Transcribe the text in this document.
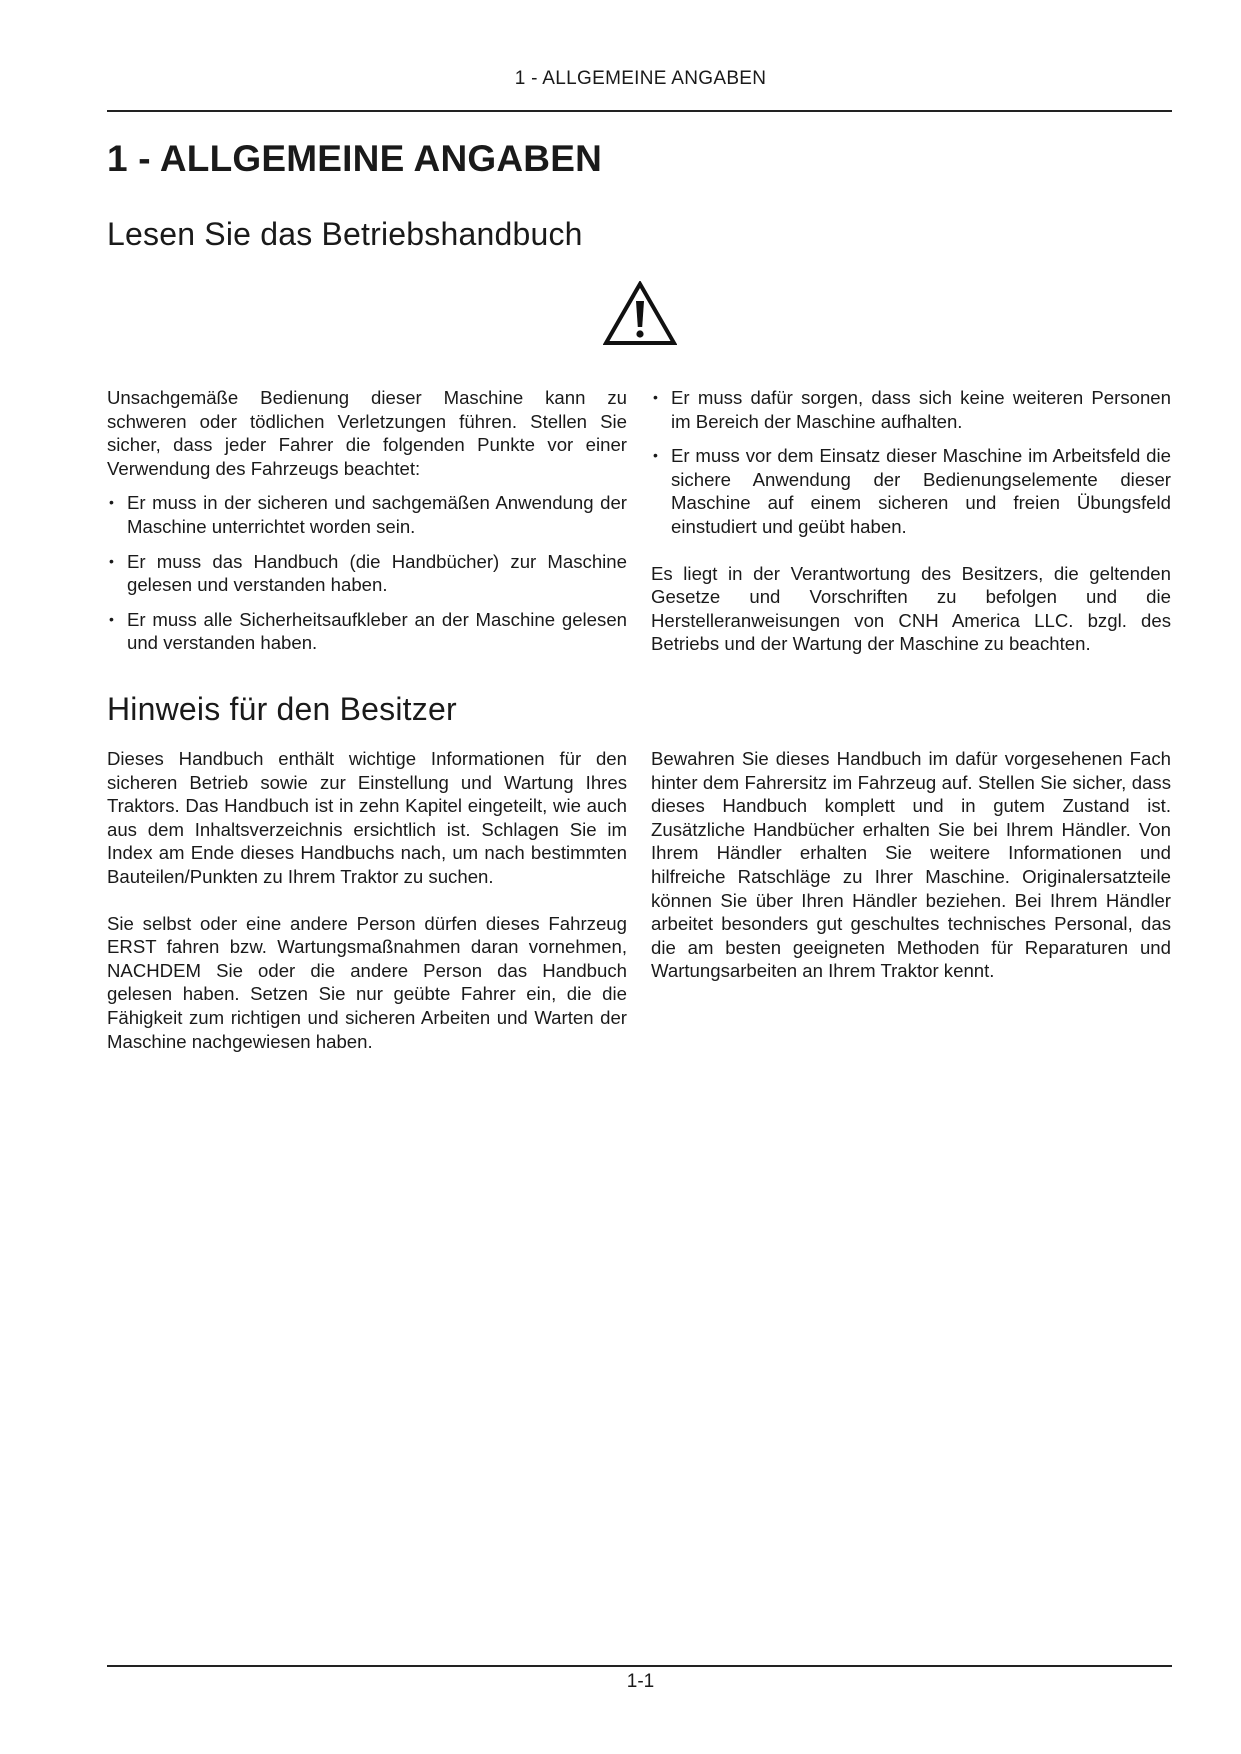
1 - ALLGEMEINE ANGABEN
1 - ALLGEMEINE ANGABEN
Lesen Sie das Betriebshandbuch

Unsachgemäße Bedienung dieser Maschine kann zu schweren oder tödlichen Verletzungen führen. Stellen Sie sicher, dass jeder Fahrer die folgenden Punkte vor einer Verwendung des Fahrzeugs beachtet:

• Er muss in der sicheren und sachgemäßen Anwendung der Maschine unterrichtet worden sein.
• Er muss das Handbuch (die Handbücher) zur Maschine gelesen und verstanden haben.
• Er muss alle Sicherheitsaufkleber an der Maschine gelesen und verstanden haben.
• Er muss dafür sorgen, dass sich keine weiteren Personen im Bereich der Maschine aufhalten.
• Er muss vor dem Einsatz dieser Maschine im Arbeitsfeld die sichere Anwendung der Bedienungselemente dieser Maschine auf einem sicheren und freien Übungsfeld einstudiert und geübt haben.

Es liegt in der Verantwortung des Besitzers, die geltenden Gesetze und Vorschriften zu befolgen und die Herstelleranweisungen von CNH America LLC. bzgl. des Betriebs und der Wartung der Maschine zu beachten.

Hinweis für den Besitzer

Dieses Handbuch enthält wichtige Informationen für den sicheren Betrieb sowie zur Einstellung und Wartung Ihres Traktors. Das Handbuch ist in zehn Kapitel eingeteilt, wie auch aus dem Inhaltsverzeichnis ersichtlich ist. Schlagen Sie im Index am Ende dieses Handbuchs nach, um nach bestimmten Bauteilen/Punkten zu Ihrem Traktor zu suchen.

Sie selbst oder eine andere Person dürfen dieses Fahrzeug ERST fahren bzw. Wartungsmaßnahmen daran vornehmen, NACHDEM Sie oder die andere Person das Handbuch gelesen haben. Setzen Sie nur geübte Fahrer ein, die die Fähigkeit zum richtigen und sicheren Arbeiten und Warten der Maschine nachgewiesen haben.

Bewahren Sie dieses Handbuch im dafür vorgesehenen Fach hinter dem Fahrersitz im Fahrzeug auf. Stellen Sie sicher, dass dieses Handbuch komplett und in gutem Zustand ist. Zusätzliche Handbücher erhalten Sie bei Ihrem Händler. Von Ihrem Händler erhalten Sie weitere Informationen und hilfreiche Ratschläge zu Ihrer Maschine. Originalersatzteile können Sie über Ihren Händler beziehen. Bei Ihrem Händler arbeitet besonders gut geschultes technisches Personal, das die am besten geeigneten Methoden für Reparaturen und Wartungsarbeiten an Ihrem Traktor kennt.

1-1
